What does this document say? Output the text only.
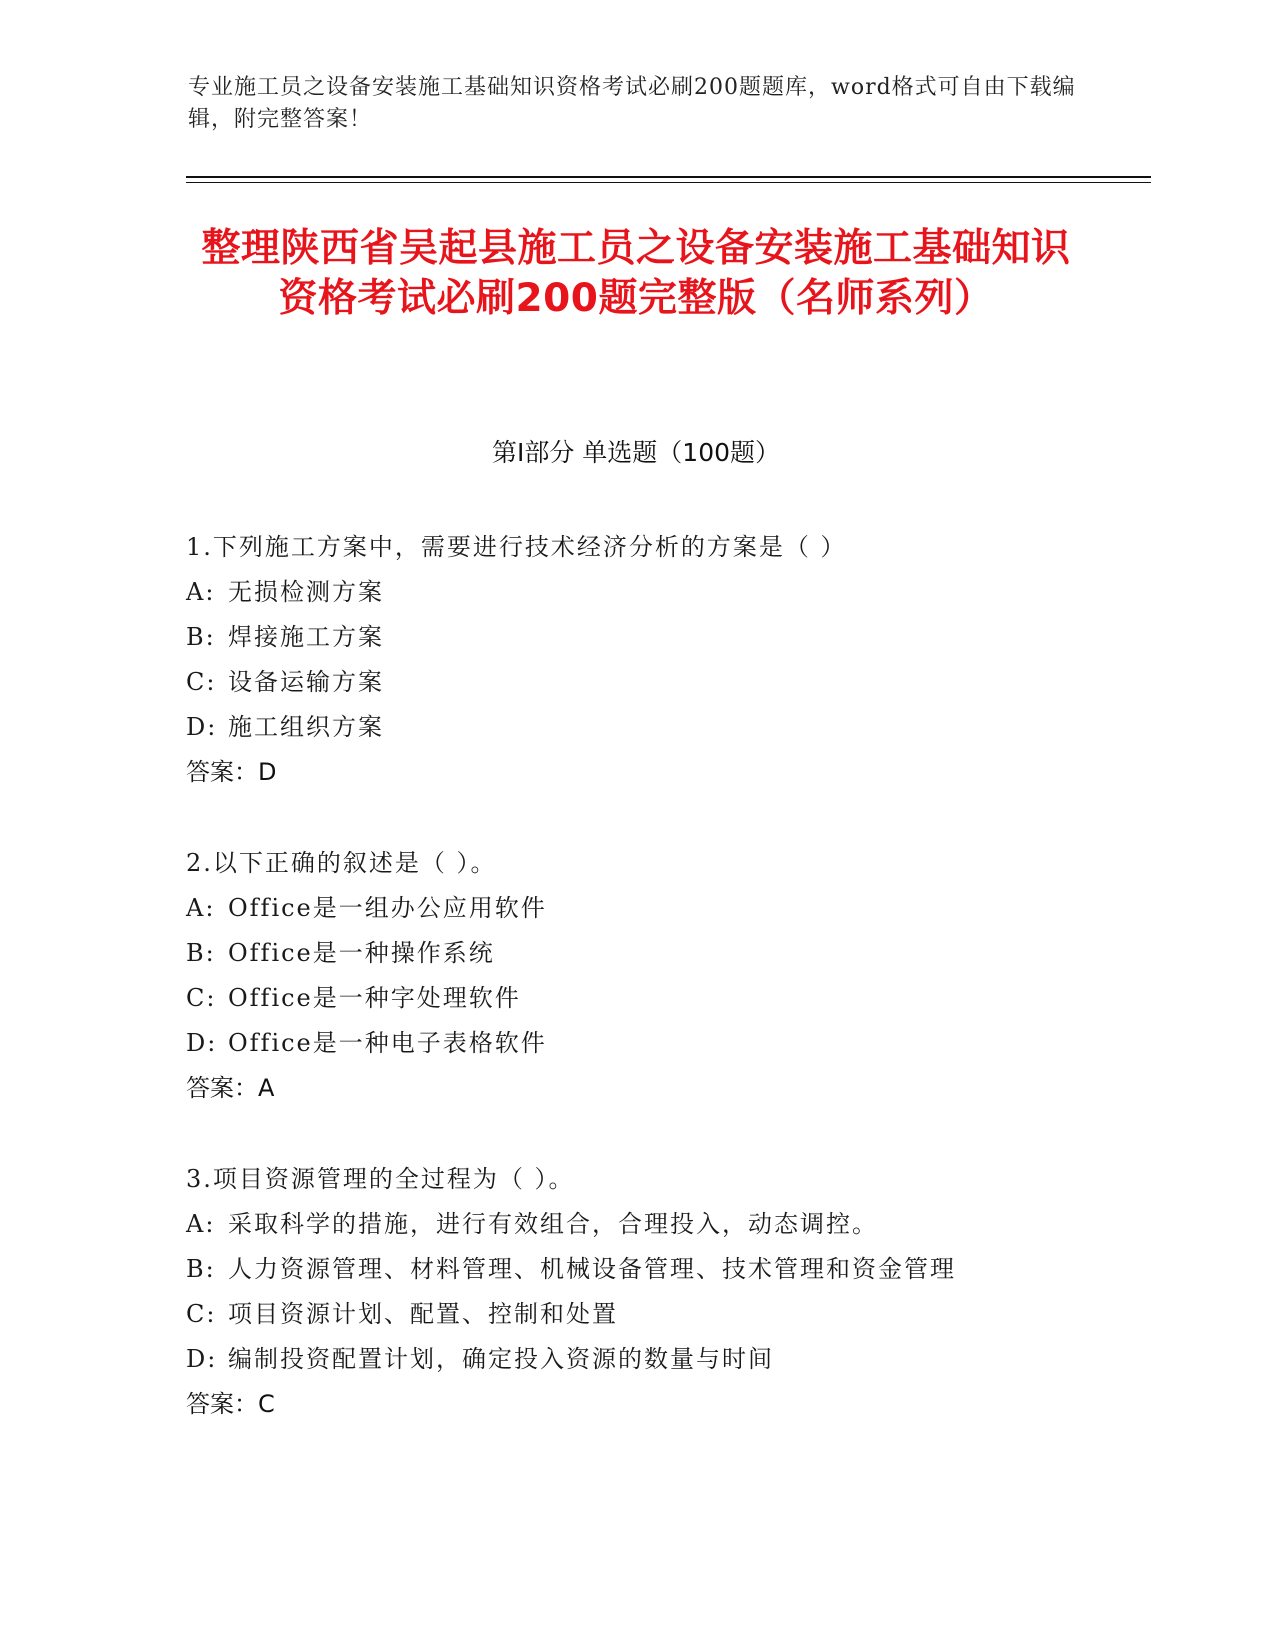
专业施工员之设备安装施工基础知识资格考试必刷200题题库，word格式可自由下载编辑，附完整答案！
整理陕西省吴起县施工员之设备安装施工基础知识资格考试必刷200题完整版（名师系列）
第Ⅰ部分 单选题（100题）
1.下列施工方案中，需要进行技术经济分析的方案是（ ）
A: 无损检测方案
B: 焊接施工方案
C: 设备运输方案
D: 施工组织方案
答案：D
2.以下正确的叙述是（ ）。
A: Office是一组办公应用软件
B: Office是一种操作系统
C: Office是一种字处理软件
D: Office是一种电子表格软件
答案：A
3.项目资源管理的全过程为（ ）。
A: 采取科学的措施，进行有效组合，合理投入，动态调控。
B: 人力资源管理、材料管理、机械设备管理、技术管理和资金管理
C: 项目资源计划、配置、控制和处置
D: 编制投资配置计划，确定投入资源的数量与时间
答案：C
